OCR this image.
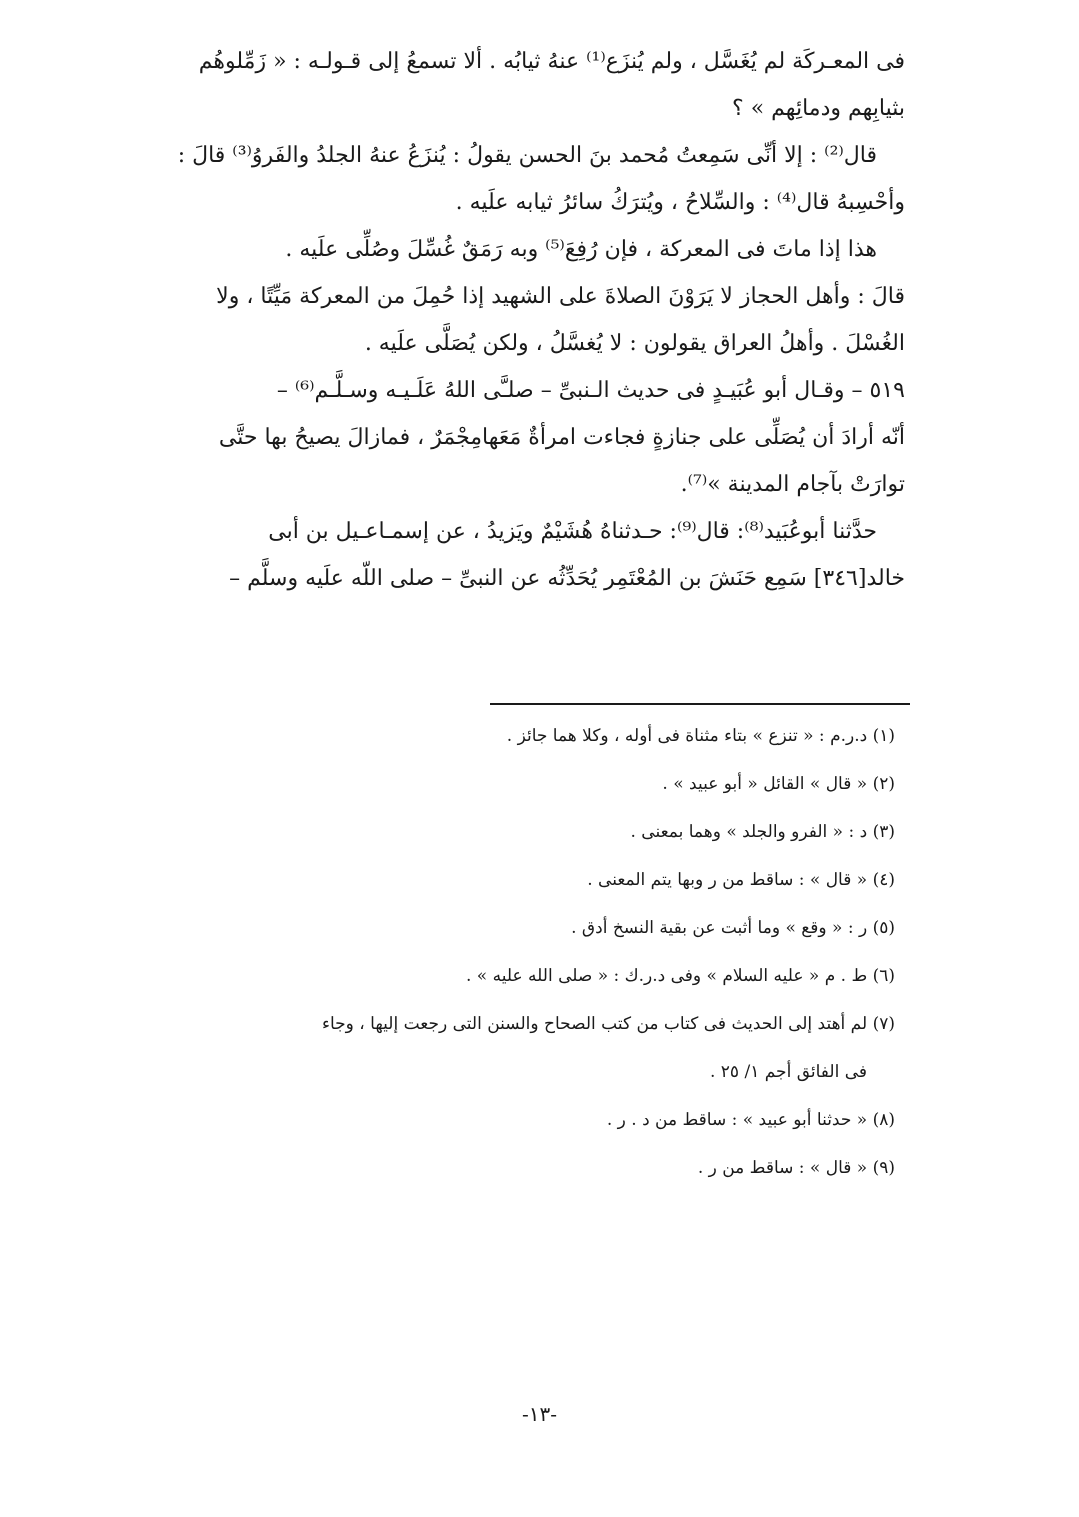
فى المعـركَة لم يُغَسَّل ، ولم يُنزَع⁽¹⁾ عنهُ ثيابُه . ألا تسمعُ إلى قـولـه : « زَمِّلوهُم

بثيابِهم ودمائِهم » ؟

قال⁽²⁾ : إلا أنِّى سَمِعتُ مُحمد بنَ الحسن يقولُ : يُنزَعُ عنهُ الجلدُ والفَروُ⁽³⁾ قالَ :

وأحْسِبهُ قال⁽⁴⁾ : والسِّلاحُ ، ويُترَكُ سائرُ ثيابه علَيه .

هذا إذا ماتَ فى المعركة ، فإن رُفِعَ⁽⁵⁾ وبه رَمَقٌ غُسِّلَ وصُلِّى علَيه .

قالَ : وأهل الحجاز لا يَرَوْنَ الصلاةَ على الشهيد إذا حُمِلَ من المعركة مَيِّتًا ، ولا

الغُسْلَ . وأهلُ العراق يقولون : لا يُغسَّلُ ، ولكن يُصَلَّى علَيه .

٥١٩ – وقـال أبو عُبَيـدٍ فى حديث الـنبىِّ – صلـَّى اللهُ عَلَـيـه وسـلَّـم⁽⁶⁾ –

أنّه أرادَ أن يُصَلِّى على جنازةٍ فجاءت امرأةٌ مَعَهامِجْمَرٌ ، فمازالَ يصيحُ بها حتَّى

توارَتْ بآجام المدينة »⁽⁷⁾.

حدَّثنا أبوعُبَيد⁽⁸⁾: قال⁽⁹⁾: حـدثناهُ هُشَيْمٌ ويَزيدُ ، عن إسمـاعـيل بن أبى

خالد[٣٤٦] سَمِع حَنَشَ بن المُعْتَمِر يُحَدِّثُه عن النبىِّ – صلى اللّه علَيه وسلَّم –

(١) د.ر.م : « تنزع » بتاء مثناة فى أوله ، وكلا هما جائز .

(٢) « قال » القائل « أبو عبيد » .

(٣) د : « الفرو والجلد » وهما بمعنى .

(٤) « قال » : ساقط من ر وبها يتم المعنى .

(٥) ر : « وقع » وما أثبت عن بقية النسخ أدق .

(٦) ط . م « عليه السلام » وفى د.ر.ك : « صلى الله عليه » .

(٧) لم أهتد إلى الحديث فى كتاب من كتب الصحاح والسنن التى رجعت إليها ، وجاء

فى الفائق أجم ١/ ٢٥ .

(٨) « حدثنا أبو عبيد » : ساقط من د . ر .

(٩) « قال » : ساقط من ر .

-١٣-
